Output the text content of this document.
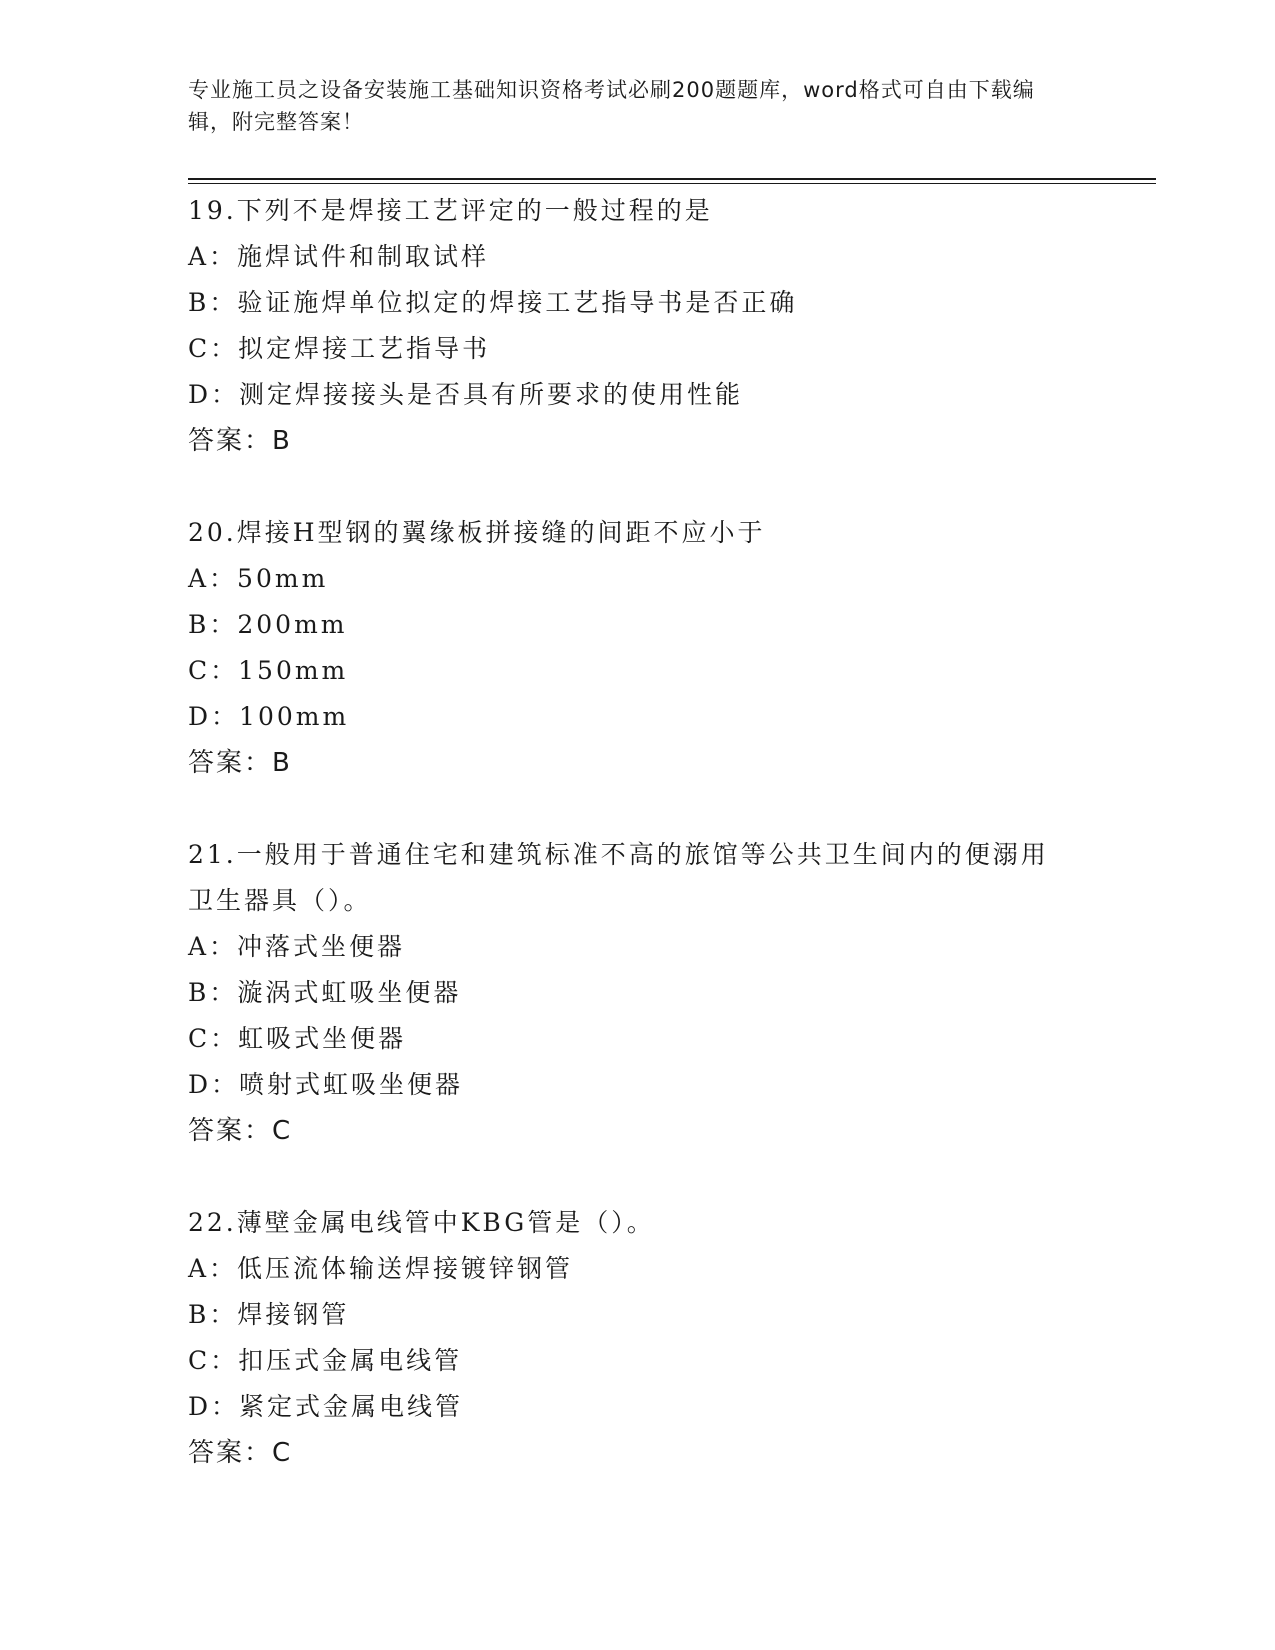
专业施工员之设备安装施工基础知识资格考试必刷200题题库，word格式可自由下载编辑，附完整答案！
19.下列不是焊接工艺评定的一般过程的是
A：施焊试件和制取试样
B：验证施焊单位拟定的焊接工艺指导书是否正确
C：拟定焊接工艺指导书
D：测定焊接接头是否具有所要求的使用性能
答案：B
20.焊接H型钢的翼缘板拼接缝的间距不应小于
A：50mm
B：200mm
C：150mm
D：100mm
答案：B
21.一般用于普通住宅和建筑标准不高的旅馆等公共卫生间内的便溺用卫生器具（）。
A：冲落式坐便器
B：漩涡式虹吸坐便器
C：虹吸式坐便器
D：喷射式虹吸坐便器
答案：C
22.薄壁金属电线管中KBG管是（）。
A：低压流体输送焊接镀锌钢管
B：焊接钢管
C：扣压式金属电线管
D：紧定式金属电线管
答案：C
